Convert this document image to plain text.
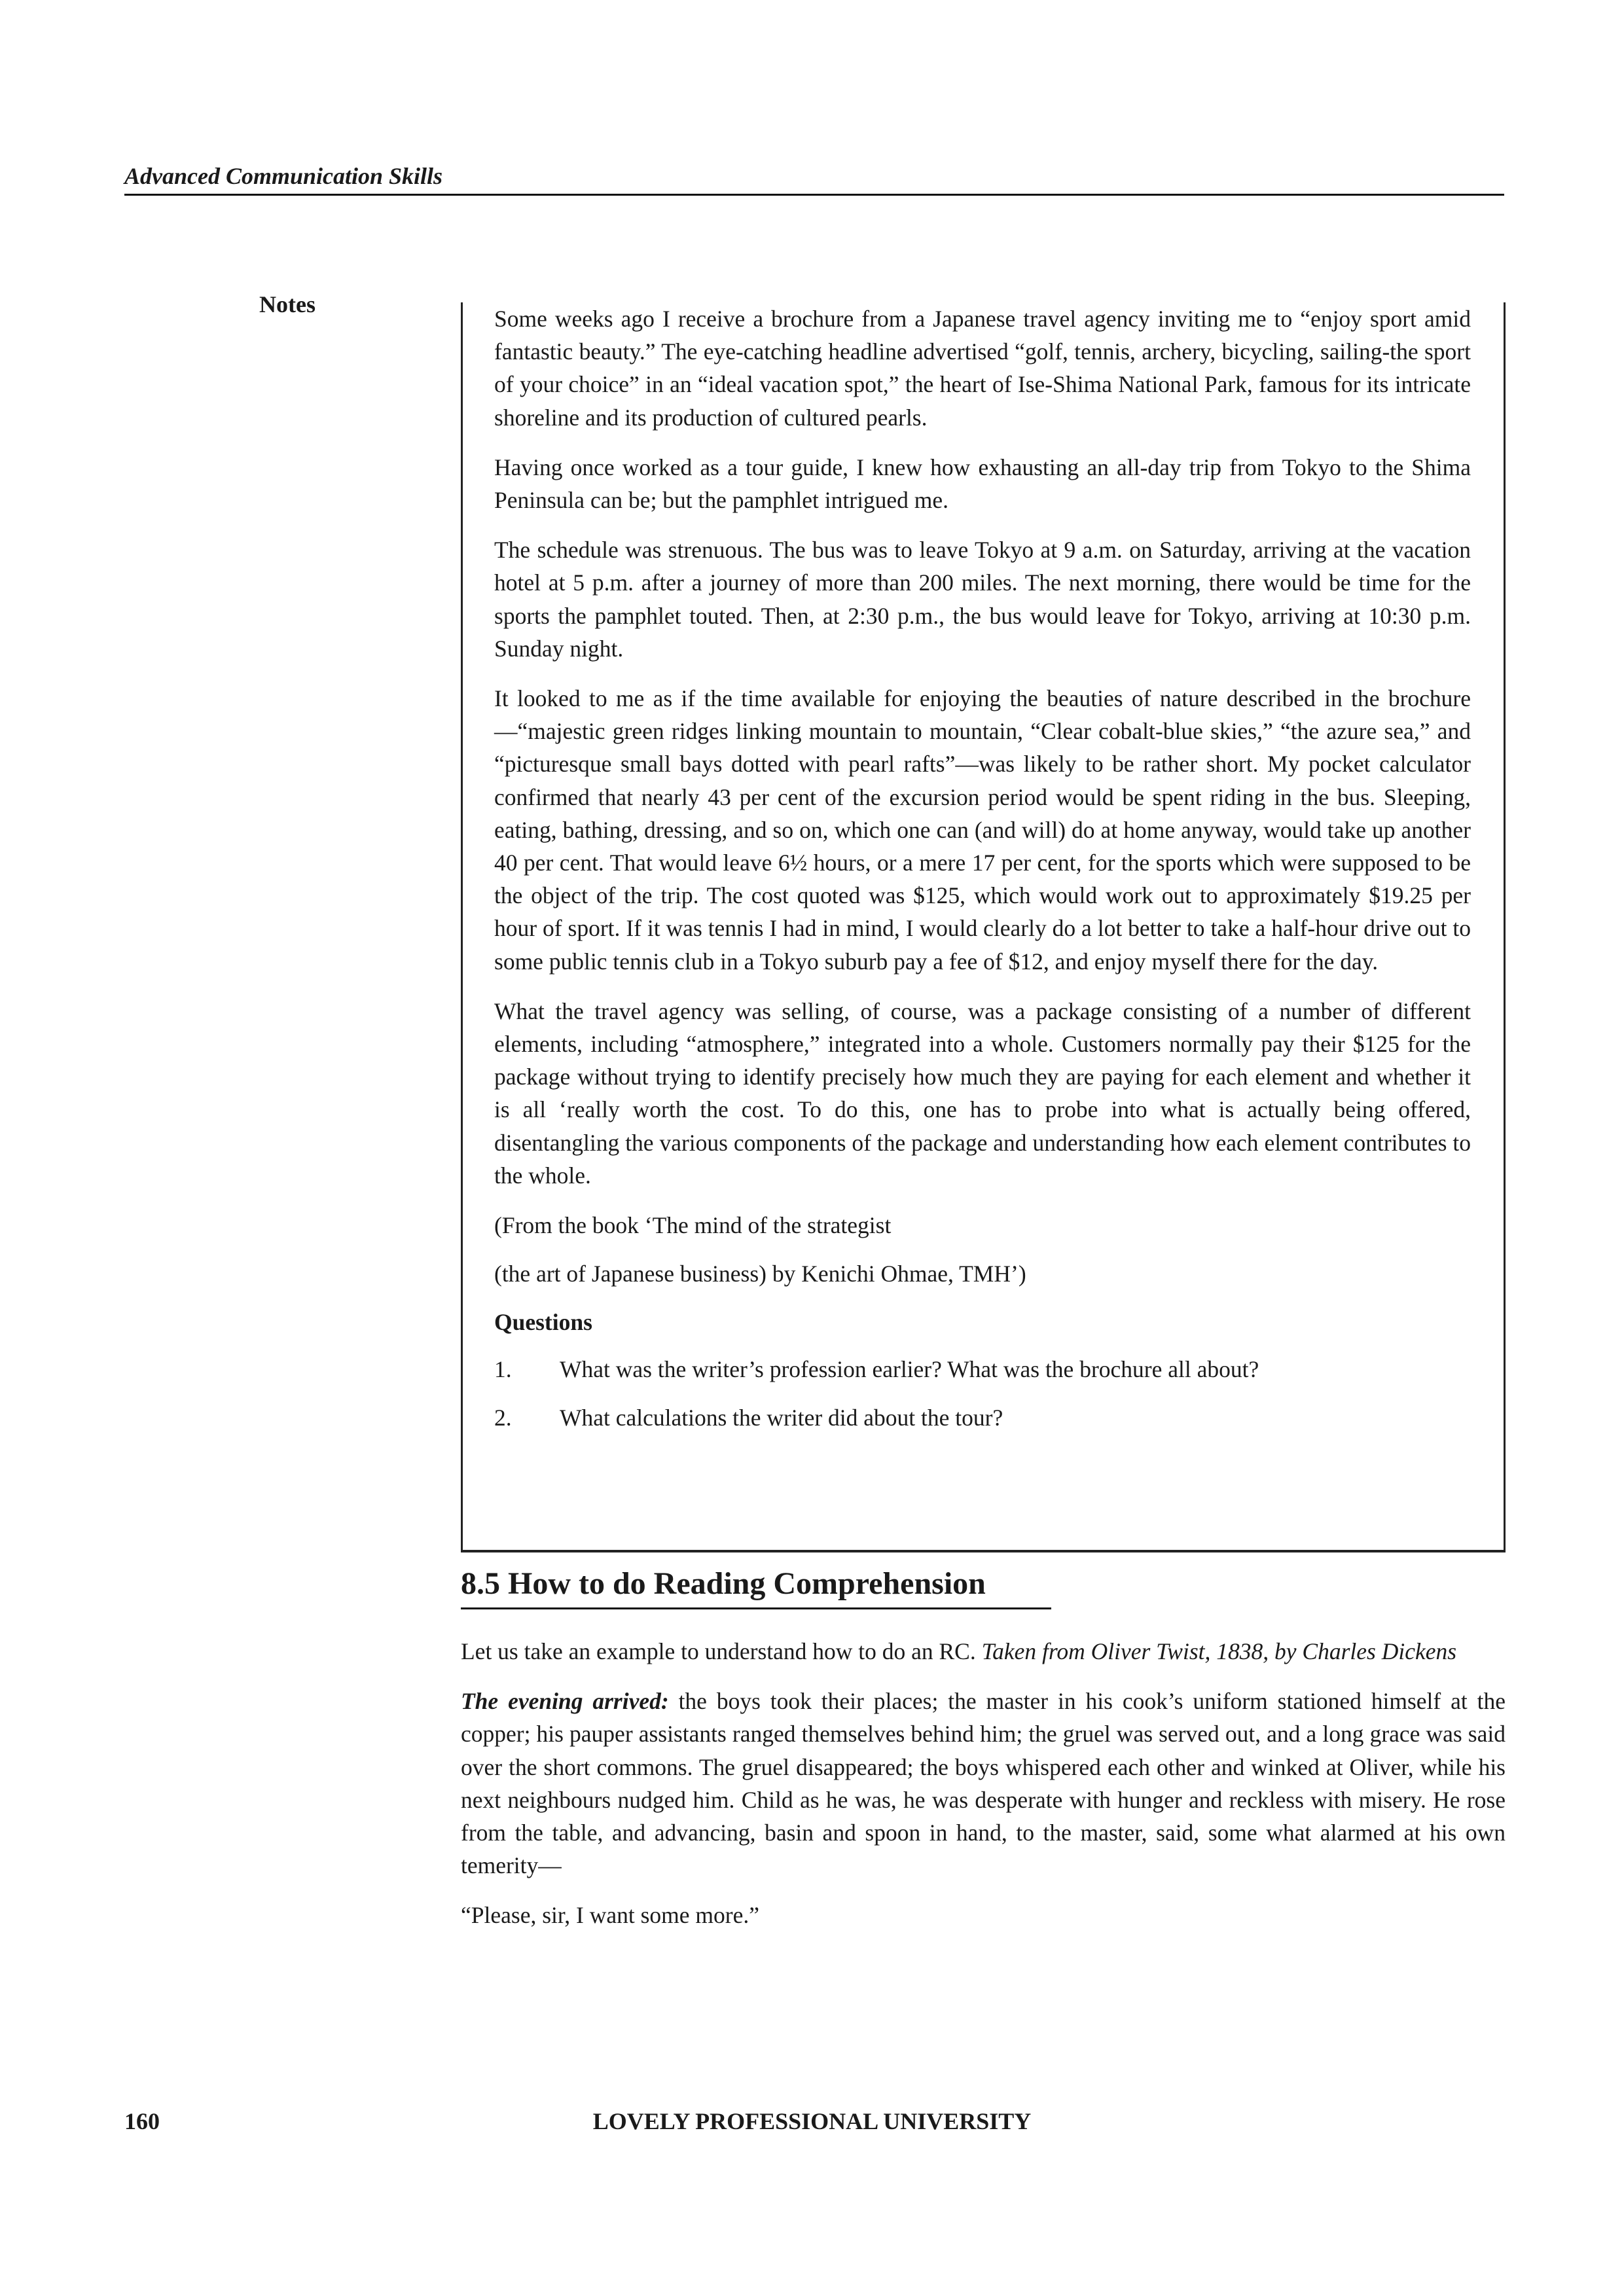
Advanced Communication Skills
Notes

Some weeks ago I receive a brochure from a Japanese travel agency inviting me to “enjoy sport amid fantastic beauty.” The eye-catching headline advertised “golf, tennis, archery, bicycling, sailing-the sport of your choice” in an “ideal vacation spot,” the heart of Ise-Shima National Park, famous for its intricate shoreline and its production of cultured pearls.

Having once worked as a tour guide, I knew how exhausting an all-day trip from Tokyo to the Shima Peninsula can be; but the pamphlet intrigued me.

The schedule was strenuous. The bus was to leave Tokyo at 9 a.m. on Saturday, arriving at the vacation hotel at 5 p.m. after a journey of more than 200 miles. The next morning, there would be time for the sports the pamphlet touted. Then, at 2:30 p.m., the bus would leave for Tokyo, arriving at 10:30 p.m. Sunday night.

It looked to me as if the time available for enjoying the beauties of nature described in the brochure—“majestic green ridges linking mountain to mountain, “Clear cobalt-blue skies,” “the azure sea,” and “picturesque small bays dotted with pearl rafts”—was likely to be rather short. My pocket calculator confirmed that nearly 43 per cent of the excursion period would be spent riding in the bus. Sleeping, eating, bathing, dressing, and so on, which one can (and will) do at home anyway, would take up another 40 per cent. That would leave 6½ hours, or a mere 17 per cent, for the sports which were supposed to be the object of the trip. The cost quoted was $125, which would work out to approximately $19.25 per hour of sport. If it was tennis I had in mind, I would clearly do a lot better to take a half-hour drive out to some public tennis club in a Tokyo suburb pay a fee of $12, and enjoy myself there for the day.

What the travel agency was selling, of course, was a package consisting of a number of different elements, including “atmosphere,” integrated into a whole. Customers normally pay their $125 for the package without trying to identify precisely how much they are paying for each element and whether it is all ‘really worth the cost. To do this, one has to probe into what is actually being offered, disentangling the various components of the package and understanding how each element contributes to the whole.

(From the book ‘The mind of the strategist

(the art of Japanese business) by Kenichi Ohmae, TMH’)

Questions
1.	What was the writer’s profession earlier? What was the brochure all about?
2.	What calculations the writer did about the tour?
8.5 How to do Reading Comprehension

Let us take an example to understand how to do an RC. Taken from Oliver Twist, 1838, by Charles Dickens

The evening arrived: the boys took their places; the master in his cook’s uniform stationed himself at the copper; his pauper assistants ranged themselves behind him; the gruel was served out, and a long grace was said over the short commons. The gruel disappeared; the boys whispered each other and winked at Oliver, while his next neighbours nudged him. Child as he was, he was desperate with hunger and reckless with misery. He rose from the table, and advancing, basin and spoon in hand, to the master, said, some what alarmed at his own temerity—

“Please, sir, I want some more.”

160	LOVELY PROFESSIONAL UNIVERSITY
